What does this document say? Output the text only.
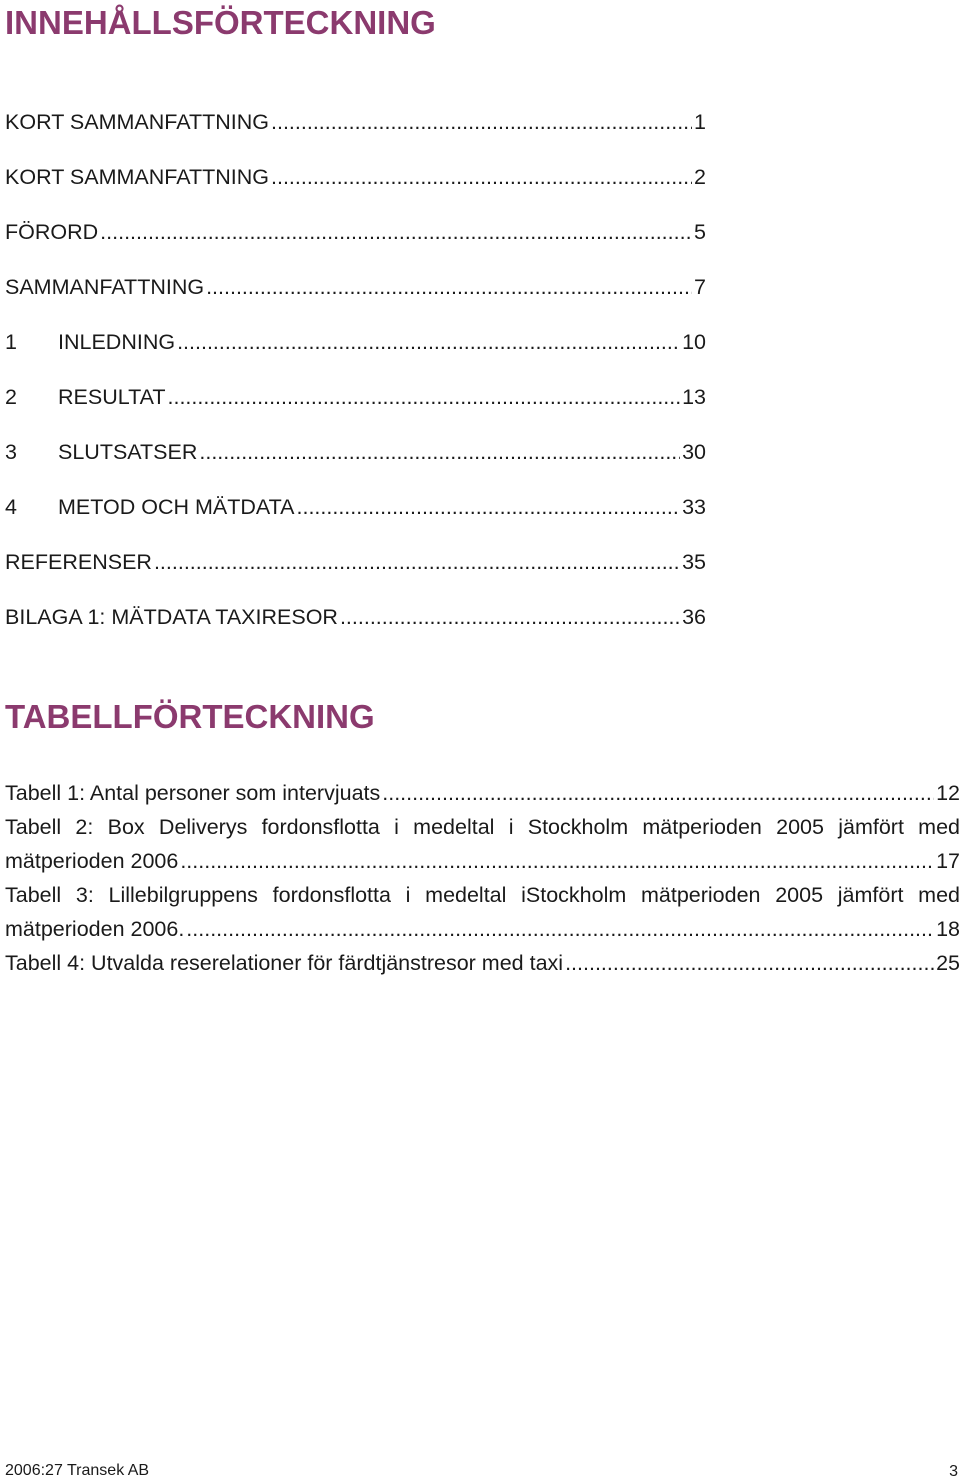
INNEHÅLLSFÖRTECKNING
KORT SAMMANFATTNING .....	1
KORT SAMMANFATTNING .....	2
FÖRORD .....	5
SAMMANFATTNING .....	7
1	INLEDNING .....	10
2	RESULTAT .....	13
3	SLUTSATSER .....	30
4	METOD OCH MÄTDATA .....	33
REFERENSER .....	35
BILAGA 1: MÄTDATA TAXIRESOR .....	36
TABELLFÖRTECKNING
Tabell 1: Antal personer som intervjuats .....	12
Tabell 2: Box Deliverys fordonsflotta i medeltal i Stockholm mätperioden 2005 jämfört med
mätperioden 2006 .....	17
Tabell 3: Lillebilgruppens fordonsflotta i medeltal iStockholm mätperioden 2005 jämfört med
mätperioden 2006. .....	18
Tabell 4: Utvalda reserelationer för färdtjänstresor med taxi .....	25
2006:27 Transek AB	3
